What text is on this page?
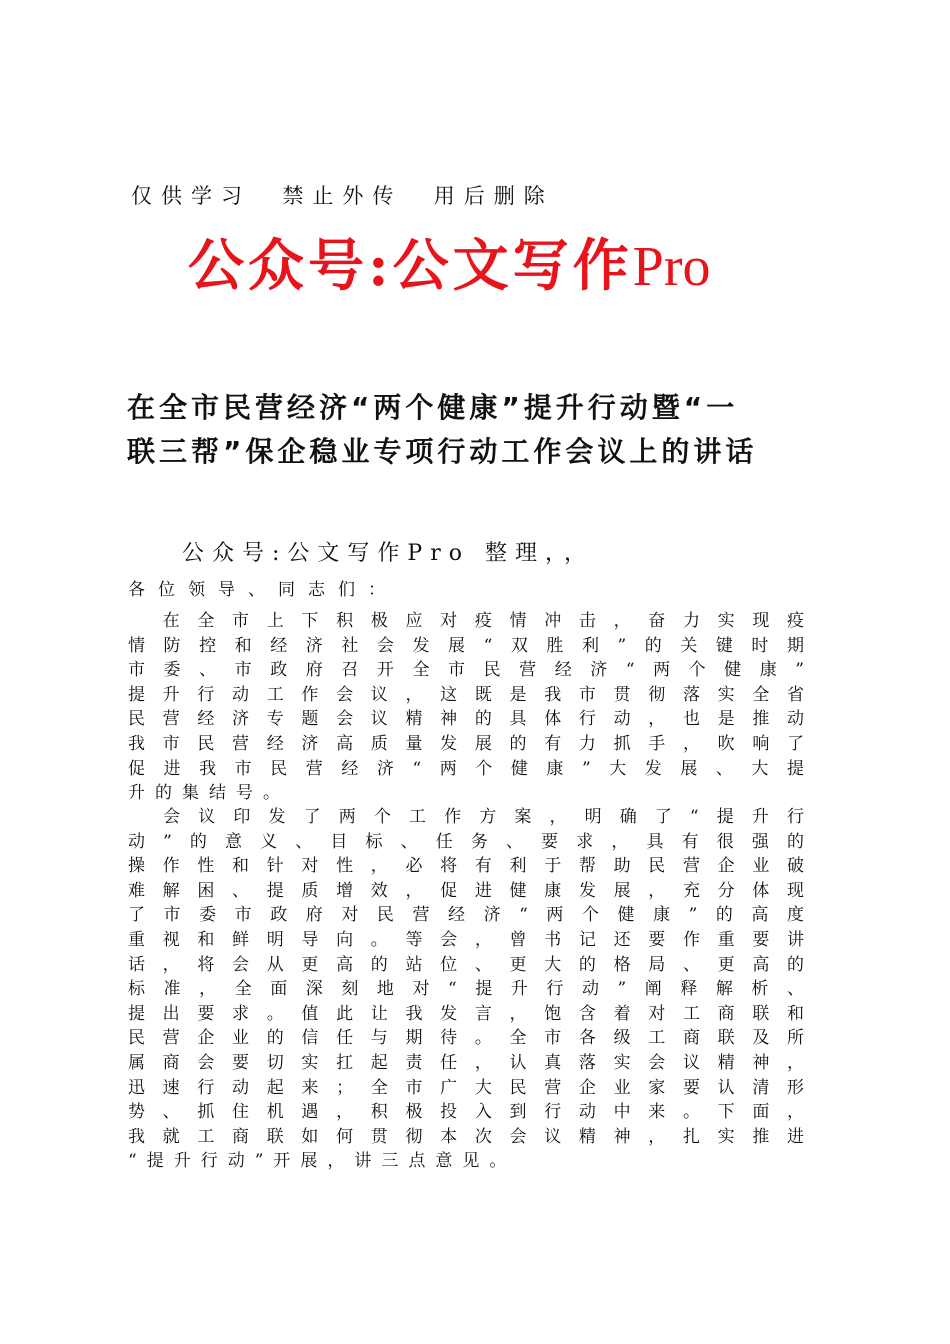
仅供学习  禁止外传  用后删除
公众号:公文写作Pro
在全市民营经济“两个健康”提升行动暨“一
联三帮”保企稳业专项行动工作会议上的讲话
公众号:公文写作Pro 整理，，
各位领导、同志们：
　在全市上下积极应对疫情冲击，奋力实现疫
情防控和经济社会发展“双胜利”的关键时期
市委、市政府召开全市民营经济“两个健康”
提升行动工作会议，这既是我市贯彻落实全省
民营经济专题会议精神的具体行动，也是推动
我市民营经济高质量发展的有力抓手，吹响了
促进我市民营经济“两个健康”大发展、大提
升的集结号。
　会议印发了两个工作方案，明确了“提升行
动”的意义、目标、任务、要求，具有很强的
操作性和针对性，必将有利于帮助民营企业破
难解困、提质增效，促进健康发展，充分体现
了市委市政府对民营经济“两个健康”的高度
重视和鲜明导向。等会，曾书记还要作重要讲
话，将会从更高的站位、更大的格局、更高的
标准，全面深刻地对“提升行动”阐释解析、
提出要求。值此让我发言，饱含着对工商联和
民营企业的信任与期待。全市各级工商联及所
属商会要切实扛起责任，认真落实会议精神，
迅速行动起来；全市广大民营企业家要认清形
势、抓住机遇，积极投入到行动中来。下面，
我就工商联如何贯彻本次会议精神，扎实推进
“提升行动”开展，讲三点意见。
